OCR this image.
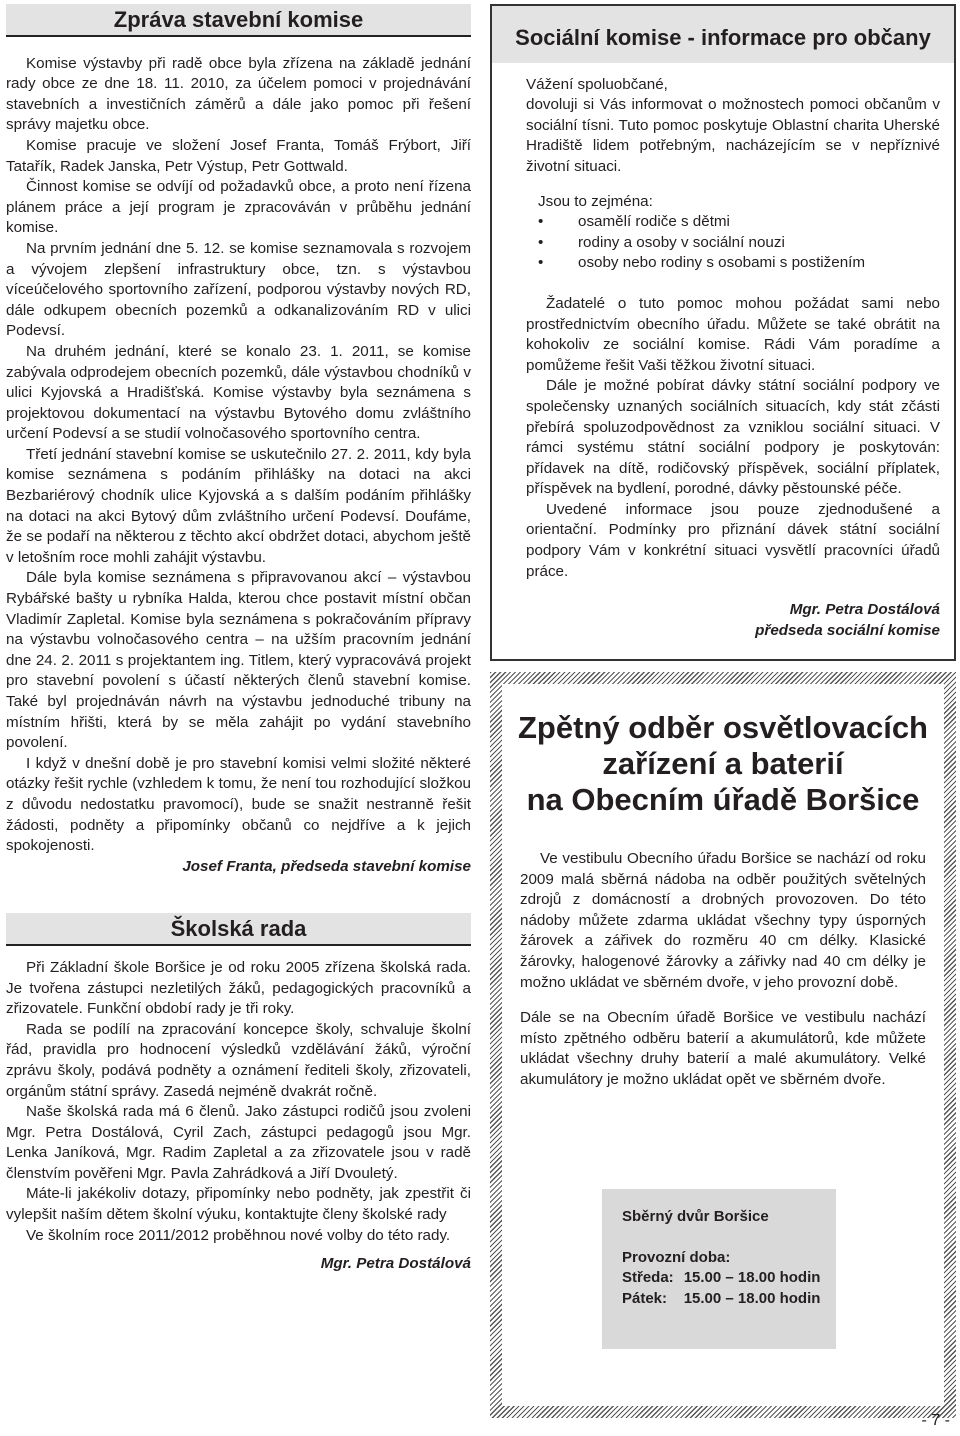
Zpráva stavební komise

Komise výstavby při radě obce byla zřízena na základě jednání rady obce ze dne 18. 11. 2010, za účelem pomoci v projednávání stavebních a investičních záměrů a dále jako pomoc při řešení správy majetku obce.

Komise pracuje ve složení Josef Franta, Tomáš Frýbort, Jiří Tatařík, Radek Janska, Petr Výstup, Petr Gottwald.

Činnost komise se odvíjí od požadavků obce, a proto není řízena plánem práce a její program je zpracováván v průběhu jednání komise.

Na prvním jednání dne 5. 12. se komise seznamovala s rozvojem a vývojem zlepšení infrastruktury obce, tzn. s výstavbou víceúčelového sportovního zařízení, podporou výstavby nových RD, dále odkupem obecních pozemků a odkanalizováním RD v ulici Podevsí.

Na druhém jednání, které se konalo 23. 1. 2011, se komise zabývala odprodejem obecních pozemků, dále výstavbou chodníků v ulici Kyjovská a Hradišťská. Komise výstavby byla seznámena s projektovou dokumentací na výstavbu Bytového domu zvláštního určení Podevsí a se studií volnočasového sportovního centra.

Třetí jednání stavební komise se uskutečnilo 27. 2. 2011, kdy byla komise seznámena s podáním přihlášky na dotaci na akci Bezbariérový chodník ulice Kyjovská a s dalším podáním přihlášky na dotaci na akci Bytový dům zvláštního určení Podevsí. Doufáme, že se podaří na některou z těchto akcí obdržet dotaci, abychom ještě v letošním roce mohli zahájit výstavbu.

Dále byla komise seznámena s připravovanou akcí – výstavbou Rybářské bašty u rybníka Halda, kterou chce postavit místní občan Vladimír Zapletal. Komise byla seznámena s pokračováním přípravy na výstavbu volnočasového centra – na užším pracovním jednání dne 24. 2. 2011 s projektantem ing. Titlem, který vypracovává projekt pro stavební povolení s účastí některých členů stavební komise. Také byl projednáván návrh na výstavbu jednoduché tribuny na místním hřišti, která by se měla zahájit po vydání stavebního povolení.

I když v dnešní době je pro stavební komisi velmi složité některé otázky řešit rychle (vzhledem k tomu, že není tou rozhodující složkou z důvodu nedostatku pravomocí), bude se snažit nestranně řešit žádosti, podněty a připomínky občanů co nejdříve a k jejich spokojenosti.

Josef Franta, předseda stavební komise

Školská rada

Při Základní škole Boršice je od roku 2005 zřízena školská rada. Je tvořena zástupci nezletilých žáků, pedagogických pracovníků a zřizovatele. Funkční období rady je tři roky.

Rada se podílí na zpracování koncepce školy, schvaluje školní řád, pravidla pro hodnocení výsledků vzdělávání žáků, výroční zprávu školy, podává podněty a oznámení řediteli školy, zřizovateli, orgánům státní správy. Zasedá nejméně dvakrát ročně.

Naše školská rada má 6 členů. Jako zástupci rodičů jsou zvoleni Mgr. Petra Dostálová, Cyril Zach, zástupci pedagogů jsou Mgr. Lenka Janíková, Mgr. Radim Zapletal a za zřizovatele jsou v radě členstvím pověřeni Mgr. Pavla Zahrádková a Jiří Dvouletý.

Máte-li jakékoliv dotazy, připomínky nebo podněty, jak zpestřit či vylepšit naším dětem školní výuku, kontaktujte členy školské rady

Ve školním roce 2011/2012 proběhnou nové volby do této rady.

Mgr. Petra Dostálová

Sociální komise - informace pro občany

Vážení spoluobčané,

dovoluji si Vás informovat o možnostech pomoci občanům v sociální tísni. Tuto pomoc poskytuje Oblastní charita Uherské Hradiště lidem potřebným, nacházejícím se v nepříznivé životní situaci.

Jsou to zejména:

• osamělí rodiče s dětmi
• rodiny a osoby v sociální nouzi
• osoby nebo rodiny s osobami s postižením

Žadatelé o tuto pomoc mohou požádat sami nebo prostřednictvím obecního úřadu. Můžete se také obrátit na kohokoliv ze sociální komise. Rádi Vám poradíme a pomůžeme řešit Vaši těžkou životní situaci.

Dále je možné pobírat dávky státní sociální podpory ve společensky uznaných sociálních situacích, kdy stát zčásti přebírá spoluzodpovědnost za vzniklou sociální situaci. V rámci systému státní sociální podpory je poskytován: přídavek na dítě, rodičovský příspěvek, sociální příplatek, příspěvek na bydlení, porodné, dávky pěstounské péče.

Uvedené informace jsou pouze zjednodušené a orientační. Podmínky pro přiznání dávek státní sociální podpory Vám v konkrétní situaci vysvětlí pracovníci úřadů práce.

Mgr. Petra Dostálová

předseda sociální komise

Zpětný odběr osvětlovacích
zařízení a baterií
na Obecním úřadě Boršice

Ve vestibulu Obecního úřadu Boršice se nachází od roku 2009 malá sběrná nádoba na odběr použitých světelných zdrojů z domácností a drobných provozoven. Do této nádoby můžete zdarma ukládat všechny typy úsporných žárovek a zářivek do rozměru 40 cm délky. Klasické žárovky, halogenové žárovky a zářivky nad 40 cm délky je možno ukládat ve sběrném dvoře, v jeho provozní době.

Dále se na Obecním úřadě Boršice ve vestibulu nachází místo zpětného odběru baterií a akumulátorů, kde můžete ukládat všechny druhy baterií a malé akumulátory. Velké akumulátory je možno ukládat opět ve sběrném dvoře.

Sběrný dvůr Boršice
Provozní doba:
Středa:	15.00 – 18.00 hodin
Pátek:	15.00 – 18.00 hodin
- 7 -
